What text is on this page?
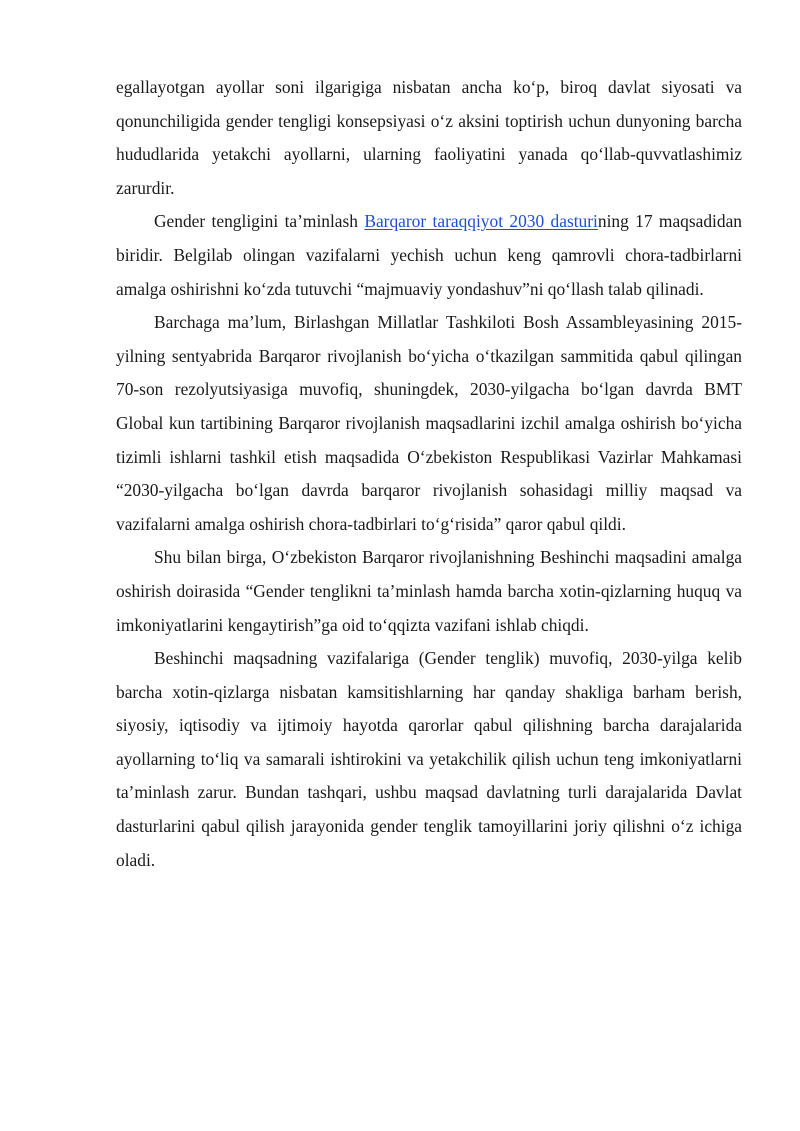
egallayotgan ayollar soni ilgarigiga nisbatan ancha ko‘p, biroq davlat siyosati va qonunchiligida gender tengligi konsepsiyasi o‘z aksini toptirish uchun dunyoning barcha hududlarida yetakchi ayollarni, ularning faoliyatini yanada qo‘llab-quvvatlashimiz zarurdir.

Gender tengligini ta’minlash Barqaror taraqqiyot 2030 dasturining 17 maqsadidan biridir. Belgilab olingan vazifalarni yechish uchun keng qamrovli chora-tadbirlarni amalga oshirishni ko‘zda tutuvchi “majmuaviy yondashuv”ni qo‘llash talab qilinadi.

Barchaga ma’lum, Birlashgan Millatlar Tashkiloti Bosh Assambleyasining 2015-yilning sentyabrida Barqaror rivojlanish bo‘yicha o‘tkazilgan sammitida qabul qilingan 70-son rezolyutsiyasiga muvofiq, shuningdek, 2030-yilgacha bo‘lgan davrda BMT Global kun tartibining Barqaror rivojlanish maqsadlarini izchil amalga oshirish bo‘yicha tizimli ishlarni tashkil etish maqsadida O‘zbekiston Respublikasi Vazirlar Mahkamasi “2030-yilgacha bo‘lgan davrda barqaror rivojlanish sohasidagi milliy maqsad va vazifalarni amalga oshirish chora-tadbirlari to‘g‘risida” qaror qabul qildi.

Shu bilan birga, O‘zbekiston Barqaror rivojlanishning Beshinchi maqsadini amalga oshirish doirasida “Gender tenglikni ta’minlash hamda barcha xotin-qizlarning huquq va imkoniyatlarini kengaytirish”ga oid to‘qqizta vazifani ishlab chiqdi.

Beshinchi maqsadning vazifalariga (Gender tenglik) muvofiq, 2030-yilga kelib barcha xotin-qizlarga nisbatan kamsitishlarning har qanday shakliga barham berish, siyosiy, iqtisodiy va ijtimoiy hayotda qarorlar qabul qilishning barcha darajalarida ayollarning to‘liq va samarali ishtirokini va yetakchilik qilish uchun teng imkoniyatlarni ta’minlash zarur. Bundan tashqari, ushbu maqsad davlatning turli darajalarida Davlat dasturlarini qabul qilish jarayonida gender tenglik tamoyillarini joriy qilishni o‘z ichiga oladi.
